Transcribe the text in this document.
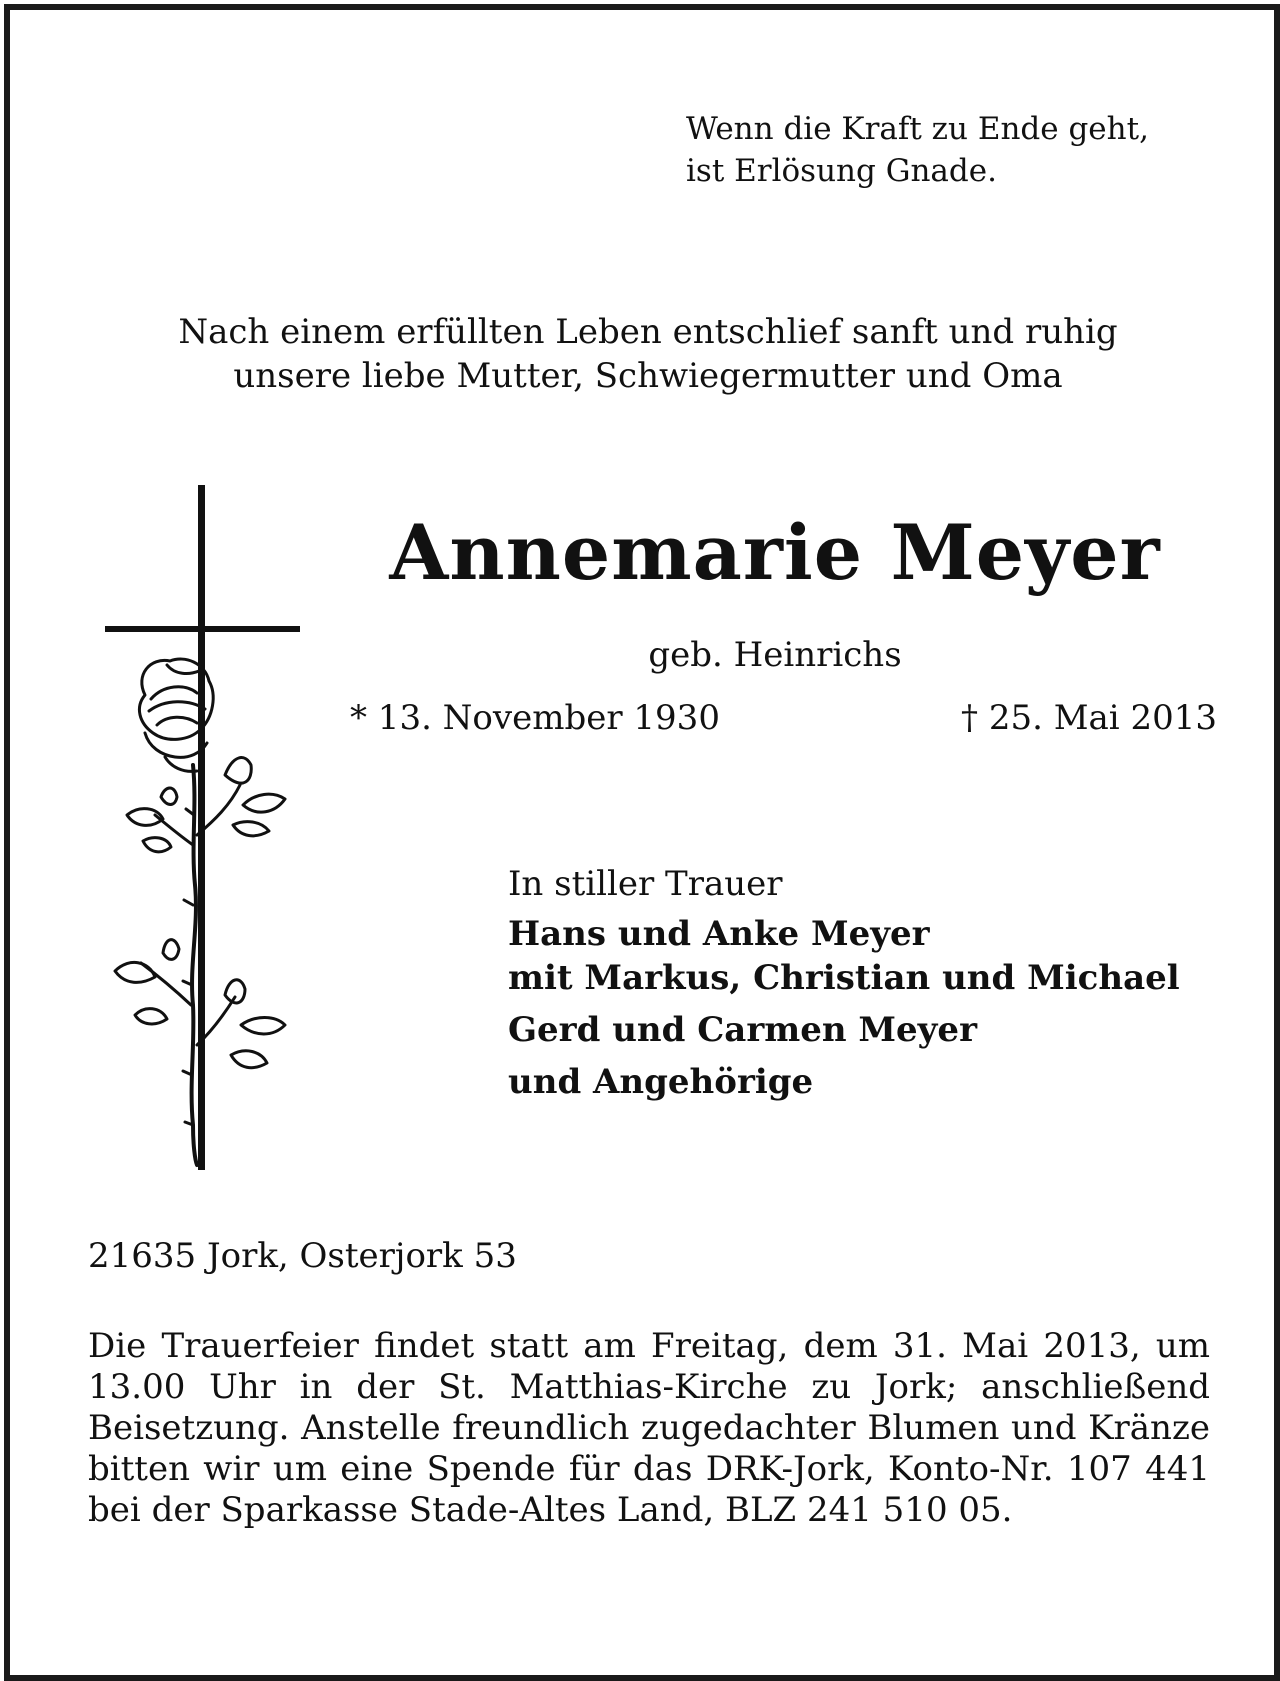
Wenn die Kraft zu Ende geht,
ist Erlösung Gnade.
Nach einem erfüllten Leben entschlief sanft und ruhig
unsere liebe Mutter, Schwiegermutter und Oma
Annemarie Meyer
geb. Heinrichs
* 13. November 1930	† 25. Mai 2013
In stiller Trauer
Hans und Anke Meyer
mit Markus, Christian und Michael
Gerd und Carmen Meyer
und Angehörige
21635 Jork, Osterjork 53
Die Trauerfeier findet statt am Freitag, dem 31. Mai 2013, um 13.00 Uhr in der St. Matthias-Kirche zu Jork; anschließend Beisetzung. Anstelle freundlich zugedachter Blumen und Kränze bitten wir um eine Spende für das DRK-Jork, Konto-Nr. 107 441 bei der Sparkasse Stade-Altes Land, BLZ 241 510 05.
